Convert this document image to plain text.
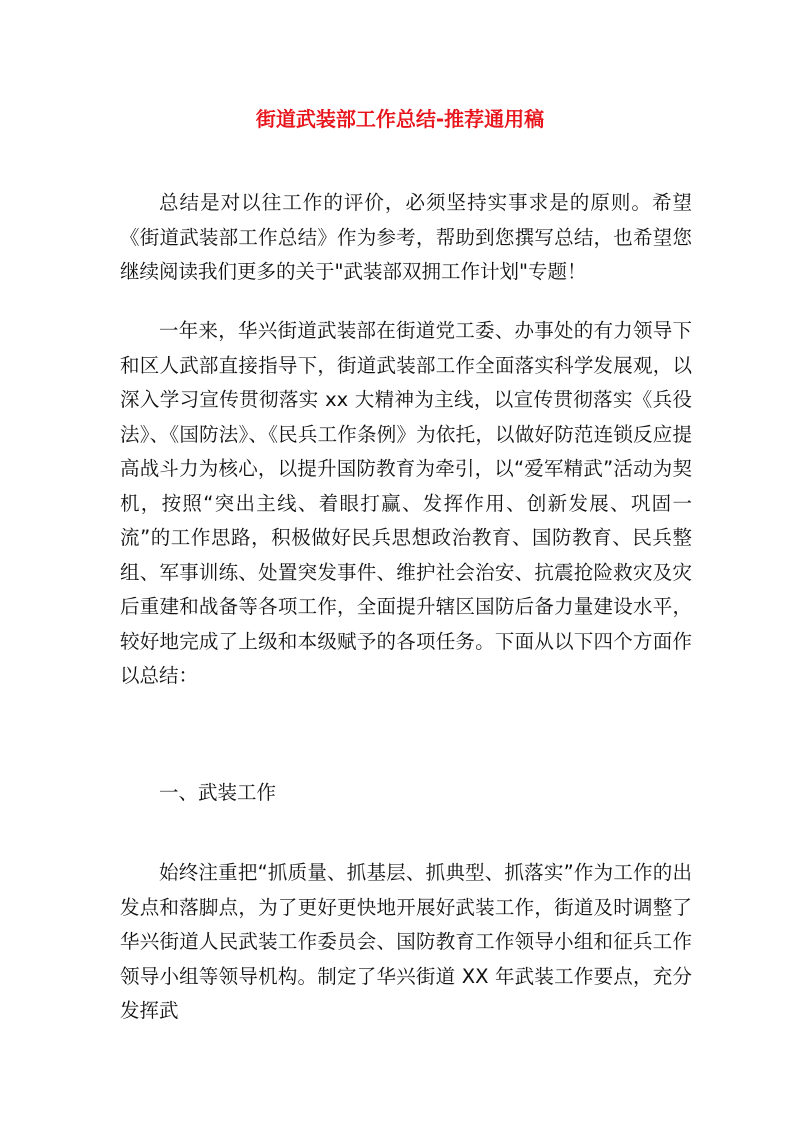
街道武装部工作总结-推荐通用稿

总结是对以往工作的评价，必须坚持实事求是的原则。希望《街道武装部工作总结》作为参考，帮助到您撰写总结，也希望您继续阅读我们更多的关于"武装部双拥工作计划"专题！

一年来，华兴街道武装部在街道党工委、办事处的有力领导下和区人武部直接指导下，街道武装部工作全面落实科学发展观，以深入学习宣传贯彻落实 xx 大精神为主线，以宣传贯彻落实《兵役法》、《国防法》、《民兵工作条例》为依托，以做好防范连锁反应提高战斗力为核心，以提升国防教育为牵引，以“爱军精武”活动为契机，按照“突出主线、着眼打赢、发挥作用、创新发展、巩固一流”的工作思路，积极做好民兵思想政治教育、国防教育、民兵整组、军事训练、处置突发事件、维护社会治安、抗震抢险救灾及灾后重建和战备等各项工作，全面提升辖区国防后备力量建设水平，较好地完成了上级和本级赋予的各项任务。下面从以下四个方面作以总结：

一、武装工作

始终注重把“抓质量、抓基层、抓典型、抓落实”作为工作的出发点和落脚点，为了更好更快地开展好武装工作，街道及时调整了华兴街道人民武装工作委员会、国防教育工作领导小组和征兵工作领导小组等领导机构。制定了华兴街道 XX 年武装工作要点，充分发挥武
